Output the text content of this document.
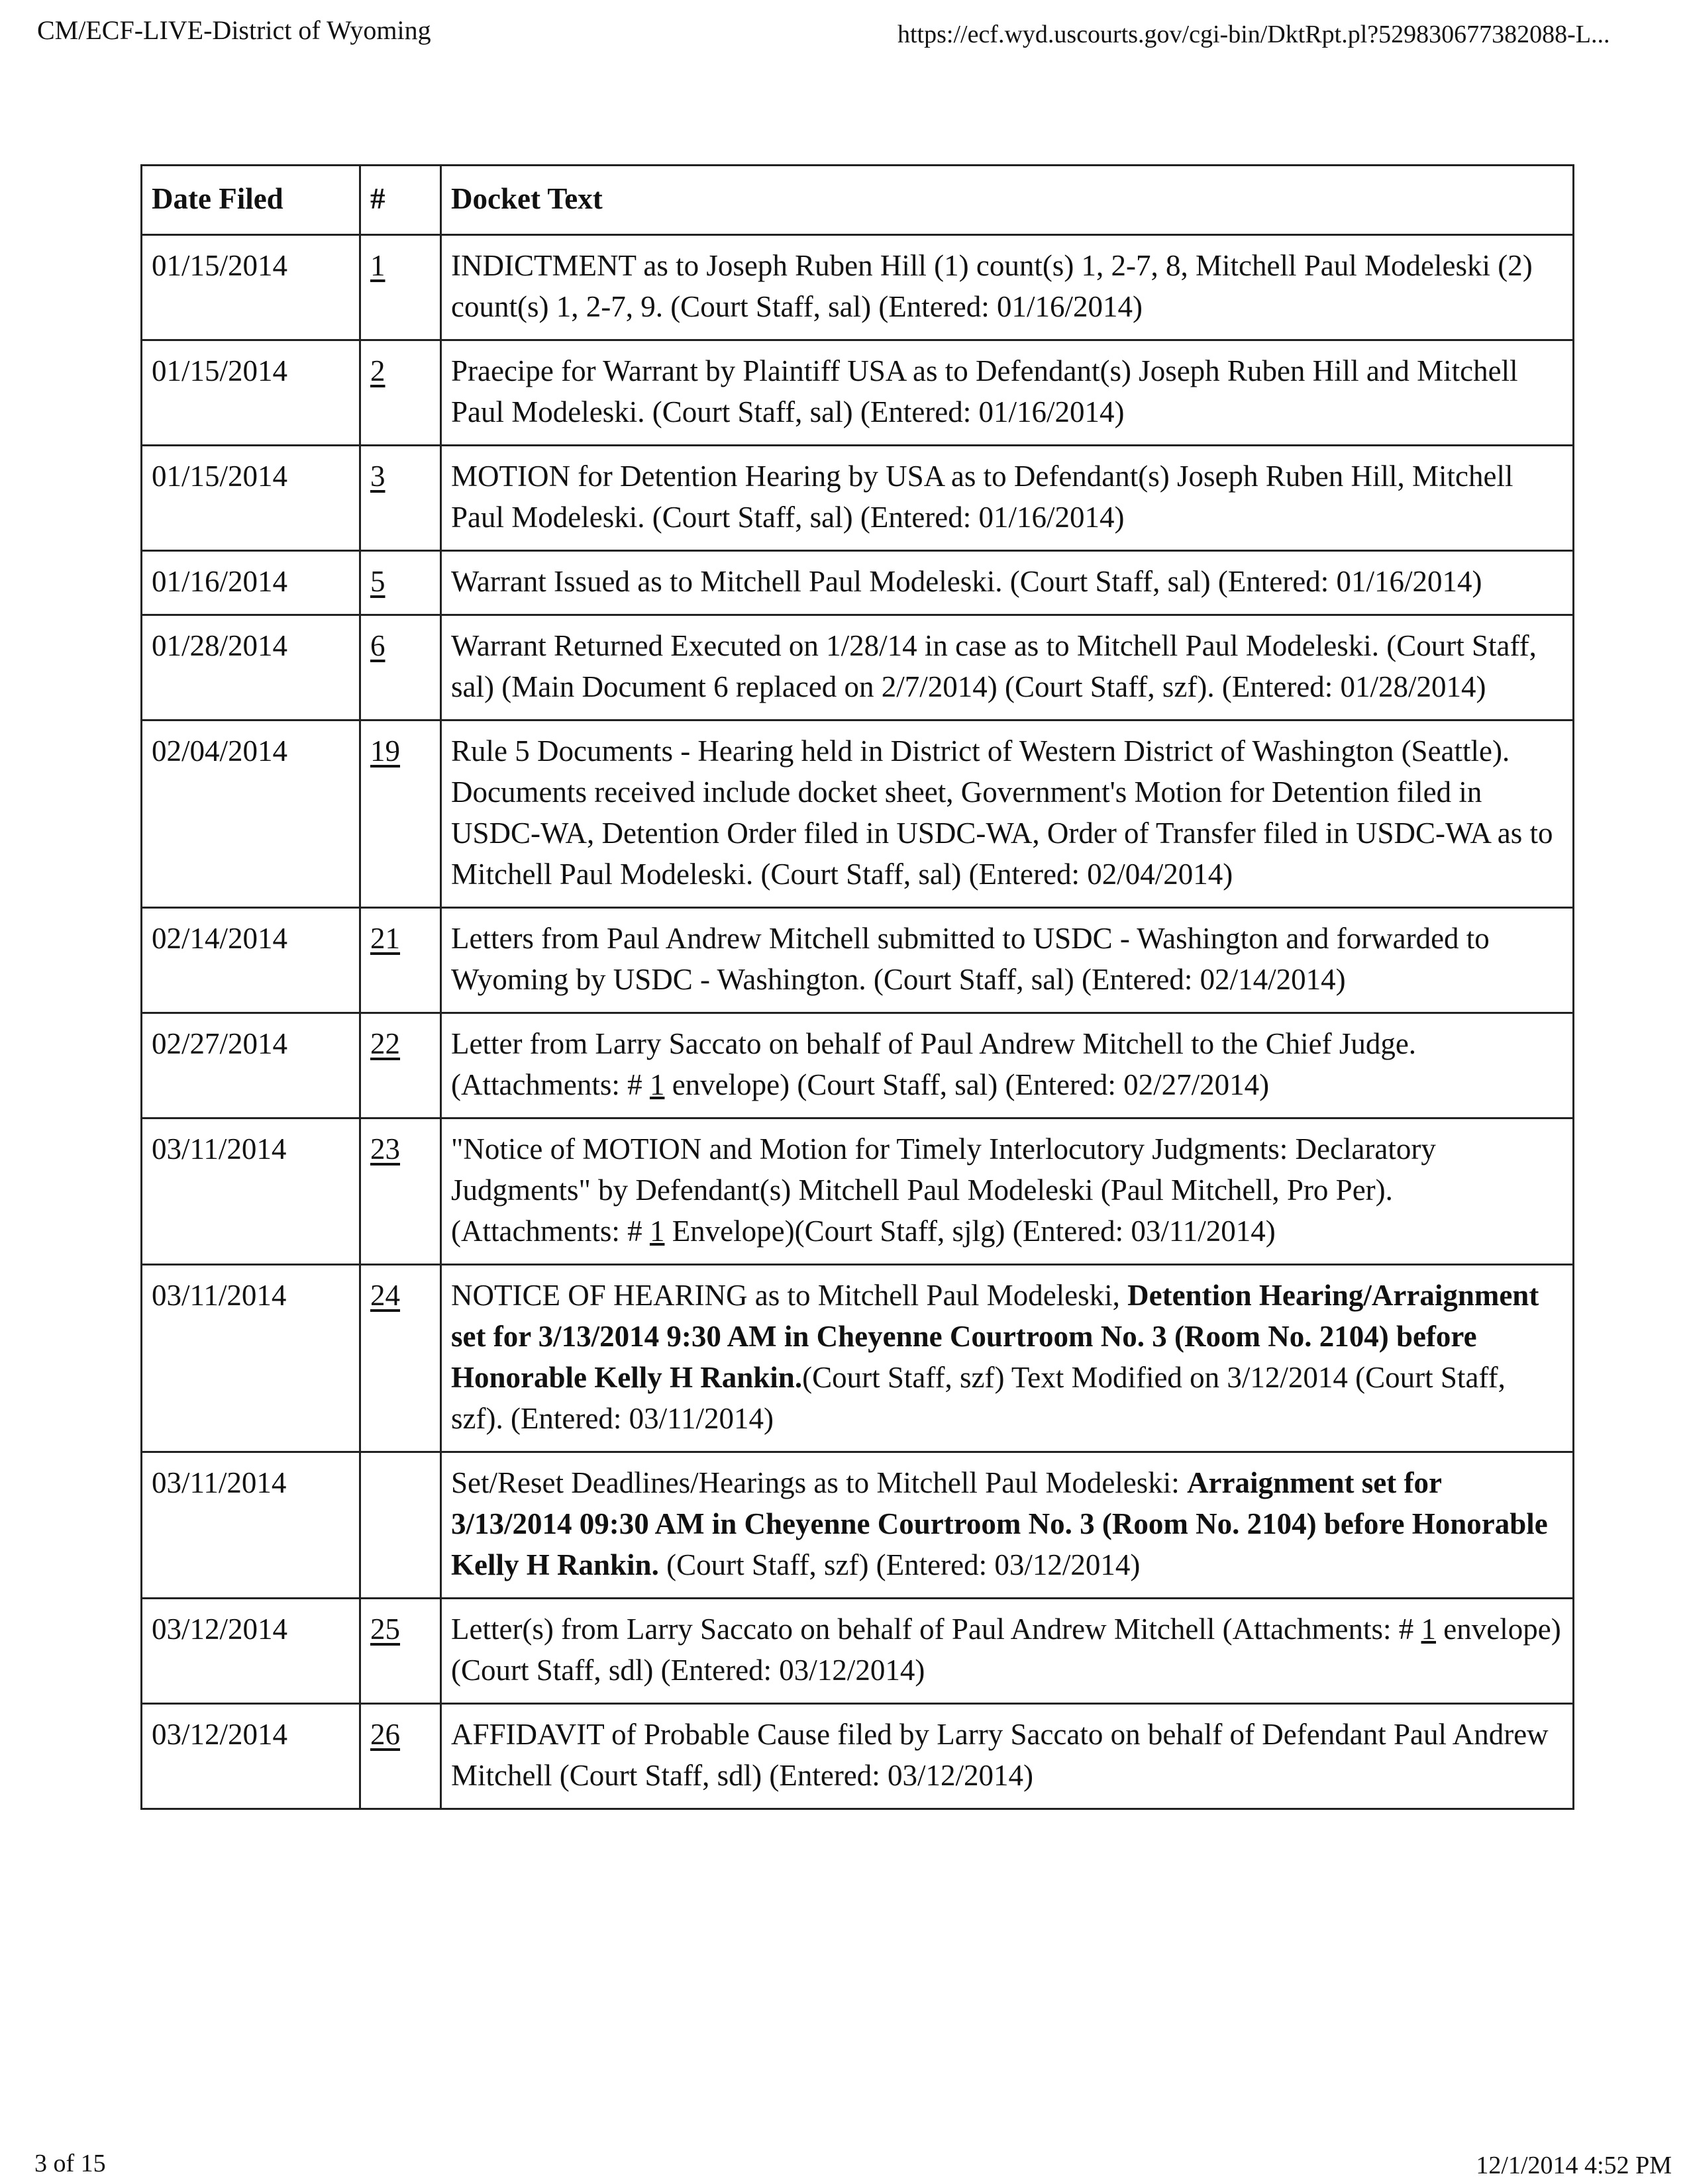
CM/ECF-LIVE-District of Wyoming	https://ecf.wyd.uscourts.gov/cgi-bin/DktRpt.pl?529830677382088-L...
Date Filed	#	Docket Text
01/15/2014	1	INDICTMENT as to Joseph Ruben Hill (1) count(s) 1, 2-7, 8, Mitchell Paul Modeleski (2) count(s) 1, 2-7, 9. (Court Staff, sal) (Entered: 01/16/2014)
01/15/2014	2	Praecipe for Warrant by Plaintiff USA as to Defendant(s) Joseph Ruben Hill and Mitchell Paul Modeleski. (Court Staff, sal) (Entered: 01/16/2014)
01/15/2014	3	MOTION for Detention Hearing by USA as to Defendant(s) Joseph Ruben Hill, Mitchell Paul Modeleski. (Court Staff, sal) (Entered: 01/16/2014)
01/16/2014	5	Warrant Issued as to Mitchell Paul Modeleski. (Court Staff, sal) (Entered: 01/16/2014)
01/28/2014	6	Warrant Returned Executed on 1/28/14 in case as to Mitchell Paul Modeleski. (Court Staff, sal) (Main Document 6 replaced on 2/7/2014) (Court Staff, szf). (Entered: 01/28/2014)
02/04/2014	19	Rule 5 Documents - Hearing held in District of Western District of Washington (Seattle). Documents received include docket sheet, Government's Motion for Detention filed in USDC-WA, Detention Order filed in USDC-WA, Order of Transfer filed in USDC-WA as to Mitchell Paul Modeleski. (Court Staff, sal) (Entered: 02/04/2014)
02/14/2014	21	Letters from Paul Andrew Mitchell submitted to USDC - Washington and forwarded to Wyoming by USDC - Washington. (Court Staff, sal) (Entered: 02/14/2014)
02/27/2014	22	Letter from Larry Saccato on behalf of Paul Andrew Mitchell to the Chief Judge. (Attachments: # 1 envelope) (Court Staff, sal) (Entered: 02/27/2014)
03/11/2014	23	"Notice of MOTION and Motion for Timely Interlocutory Judgments: Declaratory Judgments" by Defendant(s) Mitchell Paul Modeleski (Paul Mitchell, Pro Per). (Attachments: # 1 Envelope)(Court Staff, sjlg) (Entered: 03/11/2014)
03/11/2014	24	NOTICE OF HEARING as to Mitchell Paul Modeleski, Detention Hearing/Arraignment set for 3/13/2014 9:30 AM in Cheyenne Courtroom No. 3 (Room No. 2104) before Honorable Kelly H Rankin.(Court Staff, szf) Text Modified on 3/12/2014 (Court Staff, szf). (Entered: 03/11/2014)
03/11/2014		Set/Reset Deadlines/Hearings as to Mitchell Paul Modeleski: Arraignment set for 3/13/2014 09:30 AM in Cheyenne Courtroom No. 3 (Room No. 2104) before Honorable Kelly H Rankin. (Court Staff, szf) (Entered: 03/12/2014)
03/12/2014	25	Letter(s) from Larry Saccato on behalf of Paul Andrew Mitchell (Attachments: # 1 envelope) (Court Staff, sdl) (Entered: 03/12/2014)
03/12/2014	26	AFFIDAVIT of Probable Cause filed by Larry Saccato on behalf of Defendant Paul Andrew Mitchell (Court Staff, sdl) (Entered: 03/12/2014)
3 of 15	12/1/2014 4:52 PM
